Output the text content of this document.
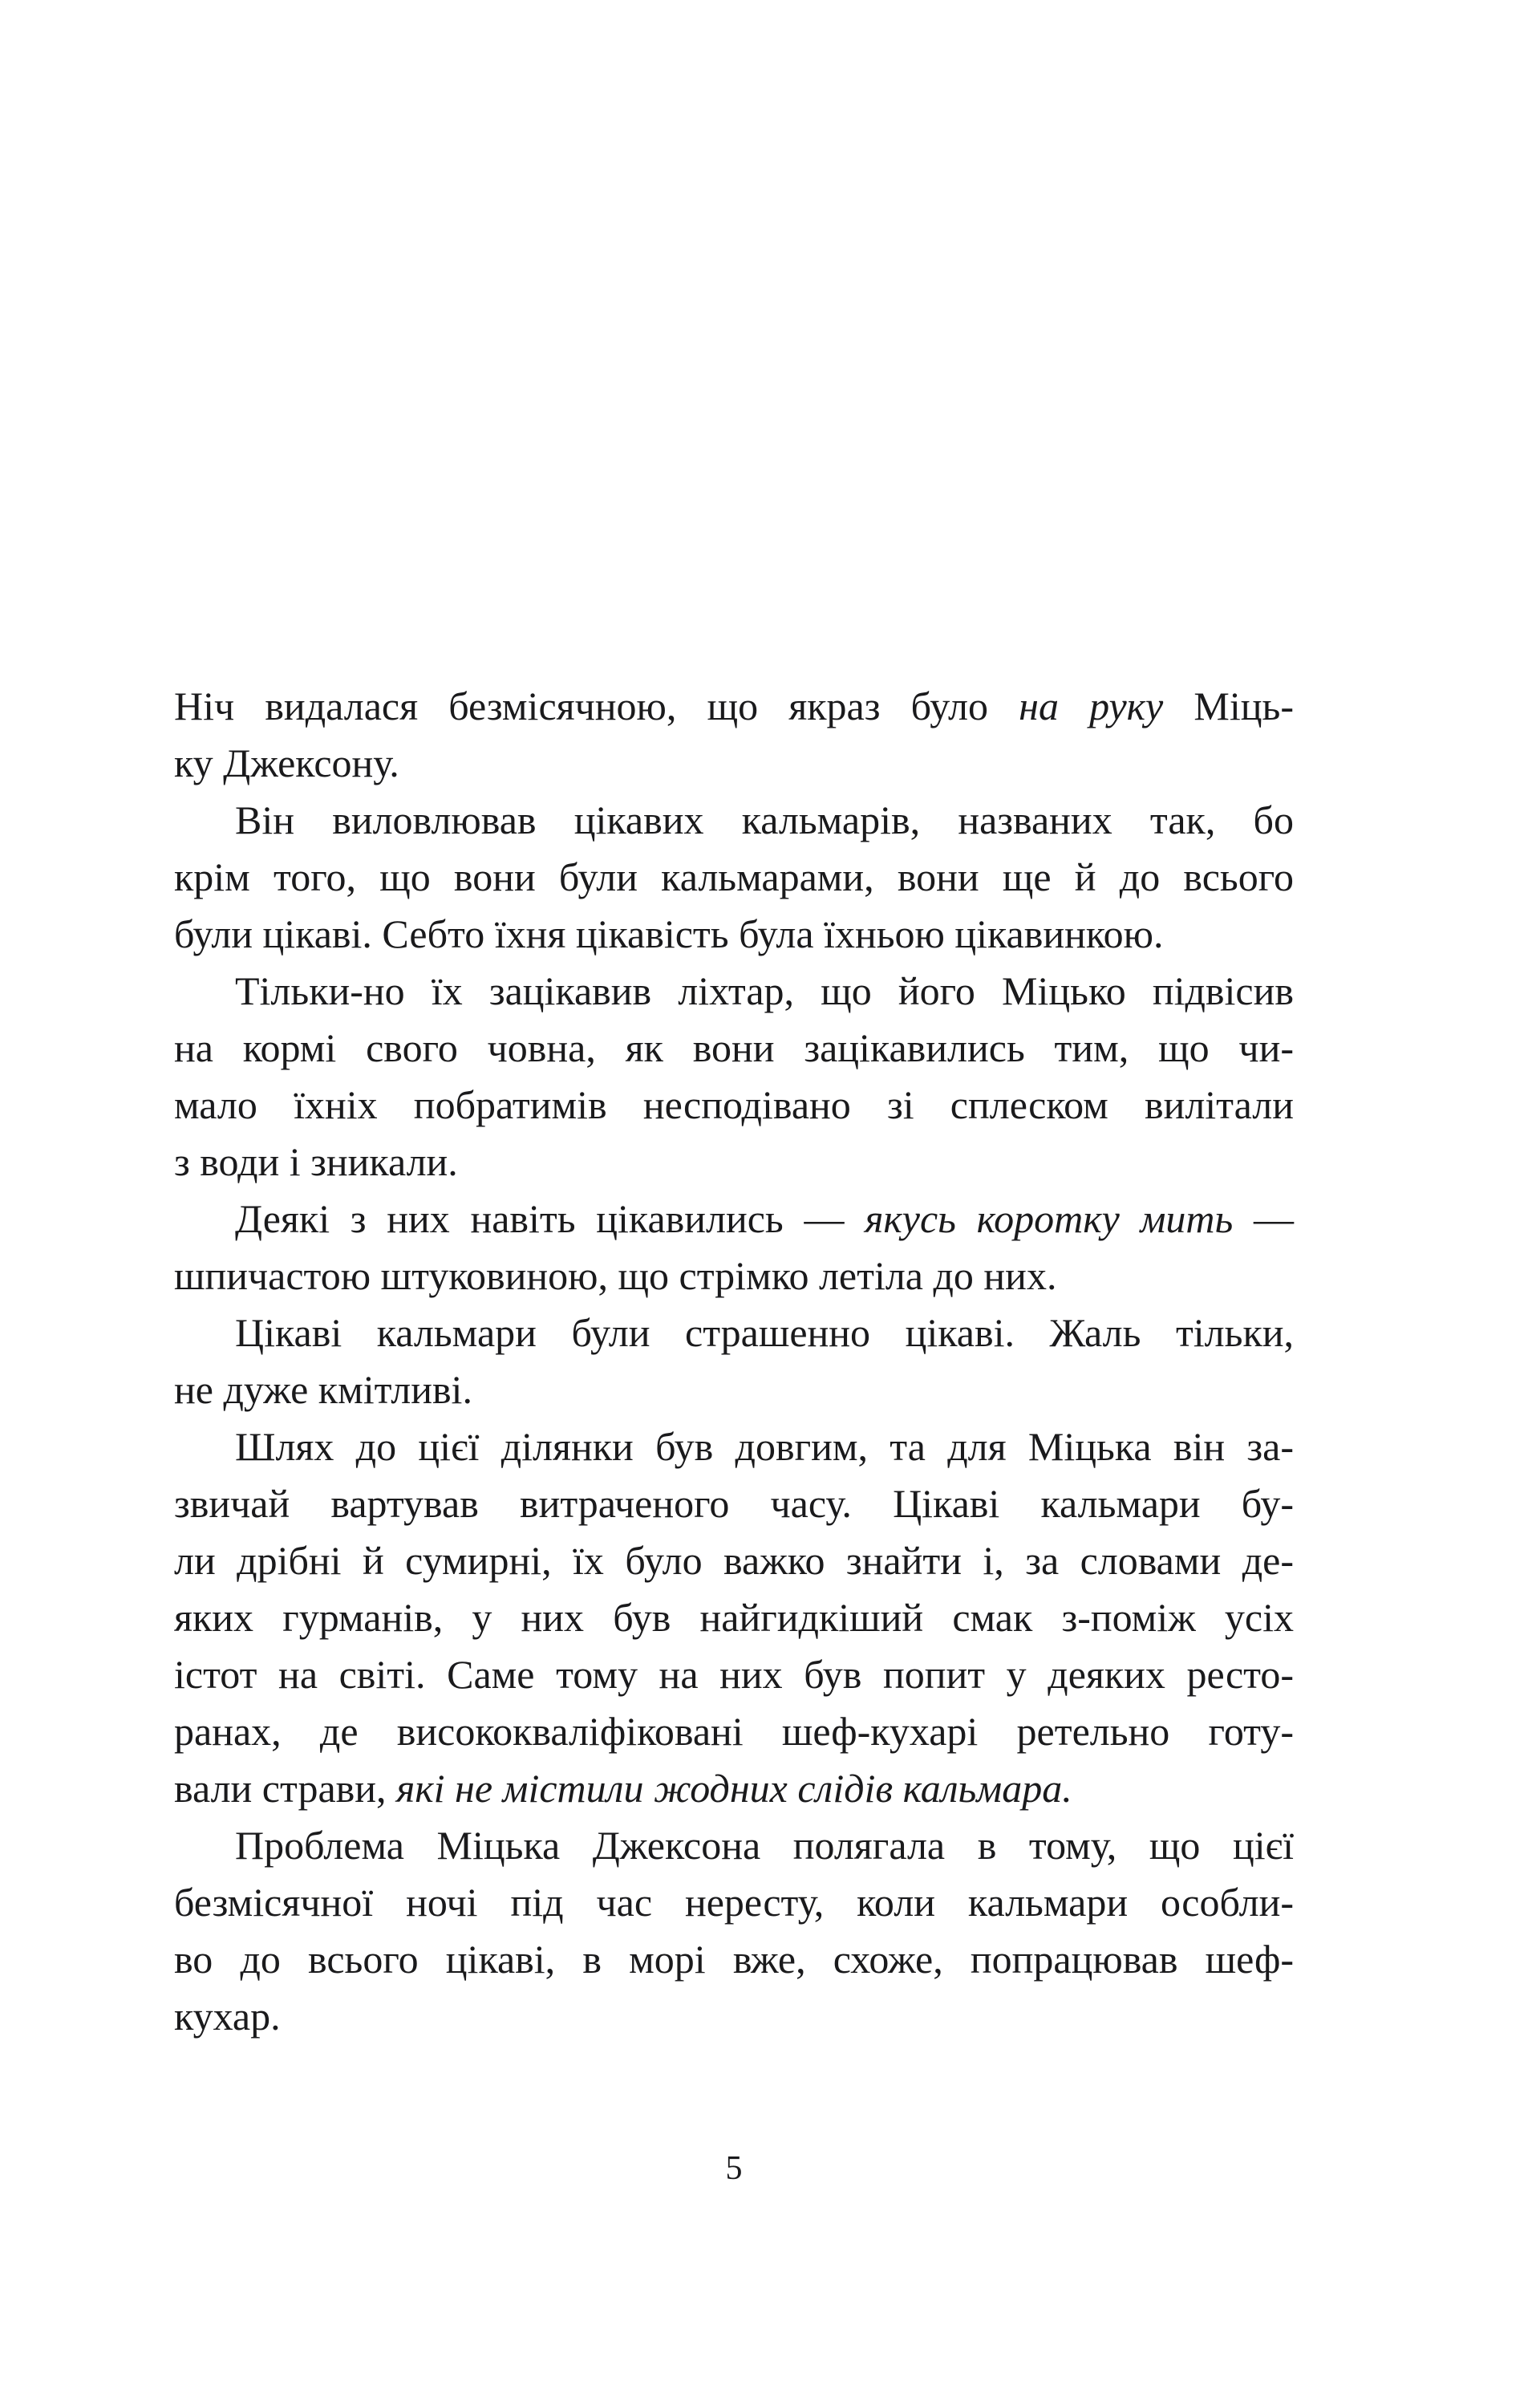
Ніч видалася безмісячною, що якраз було на руку Міць-
ку Джексону.
Він виловлював цікавих кальмарів, названих так, бо
крім того, що вони були кальмарами, вони ще й до всього
були цікаві. Себто їхня цікавість була їхньою цікавинкою.
Тільки-но їх зацікавив ліхтар, що його Міцько підвісив
на кормі свого човна, як вони зацікавились тим, що чи-
мало їхніх побратимів несподівано зі сплеском вилітали
з води і зникали.
Деякі з них навіть цікавились — якусь коротку мить —
шпичастою штуковиною, що стрімко летіла до них.
Цікаві кальмари були страшенно цікаві. Жаль тільки,
не дуже кмітливі.
Шлях до цієї ділянки був довгим, та для Міцька він за-
звичай вартував витраченого часу. Цікаві кальмари бу-
ли дрібні й сумирні, їх було важко знайти і, за словами де-
яких гурманів, у них був найгидкіший смак з-поміж усіх
істот на світі. Саме тому на них був попит у деяких ресто-
ранах, де висококваліфіковані шеф-кухарі ретельно готу-
вали страви, які не містили жодних слідів кальмара.
Проблема Міцька Джексона полягала в тому, що цієї
безмісячної ночі під час нересту, коли кальмари особли-
во до всього цікаві, в морі вже, схоже, попрацював шеф-
кухар.
5
